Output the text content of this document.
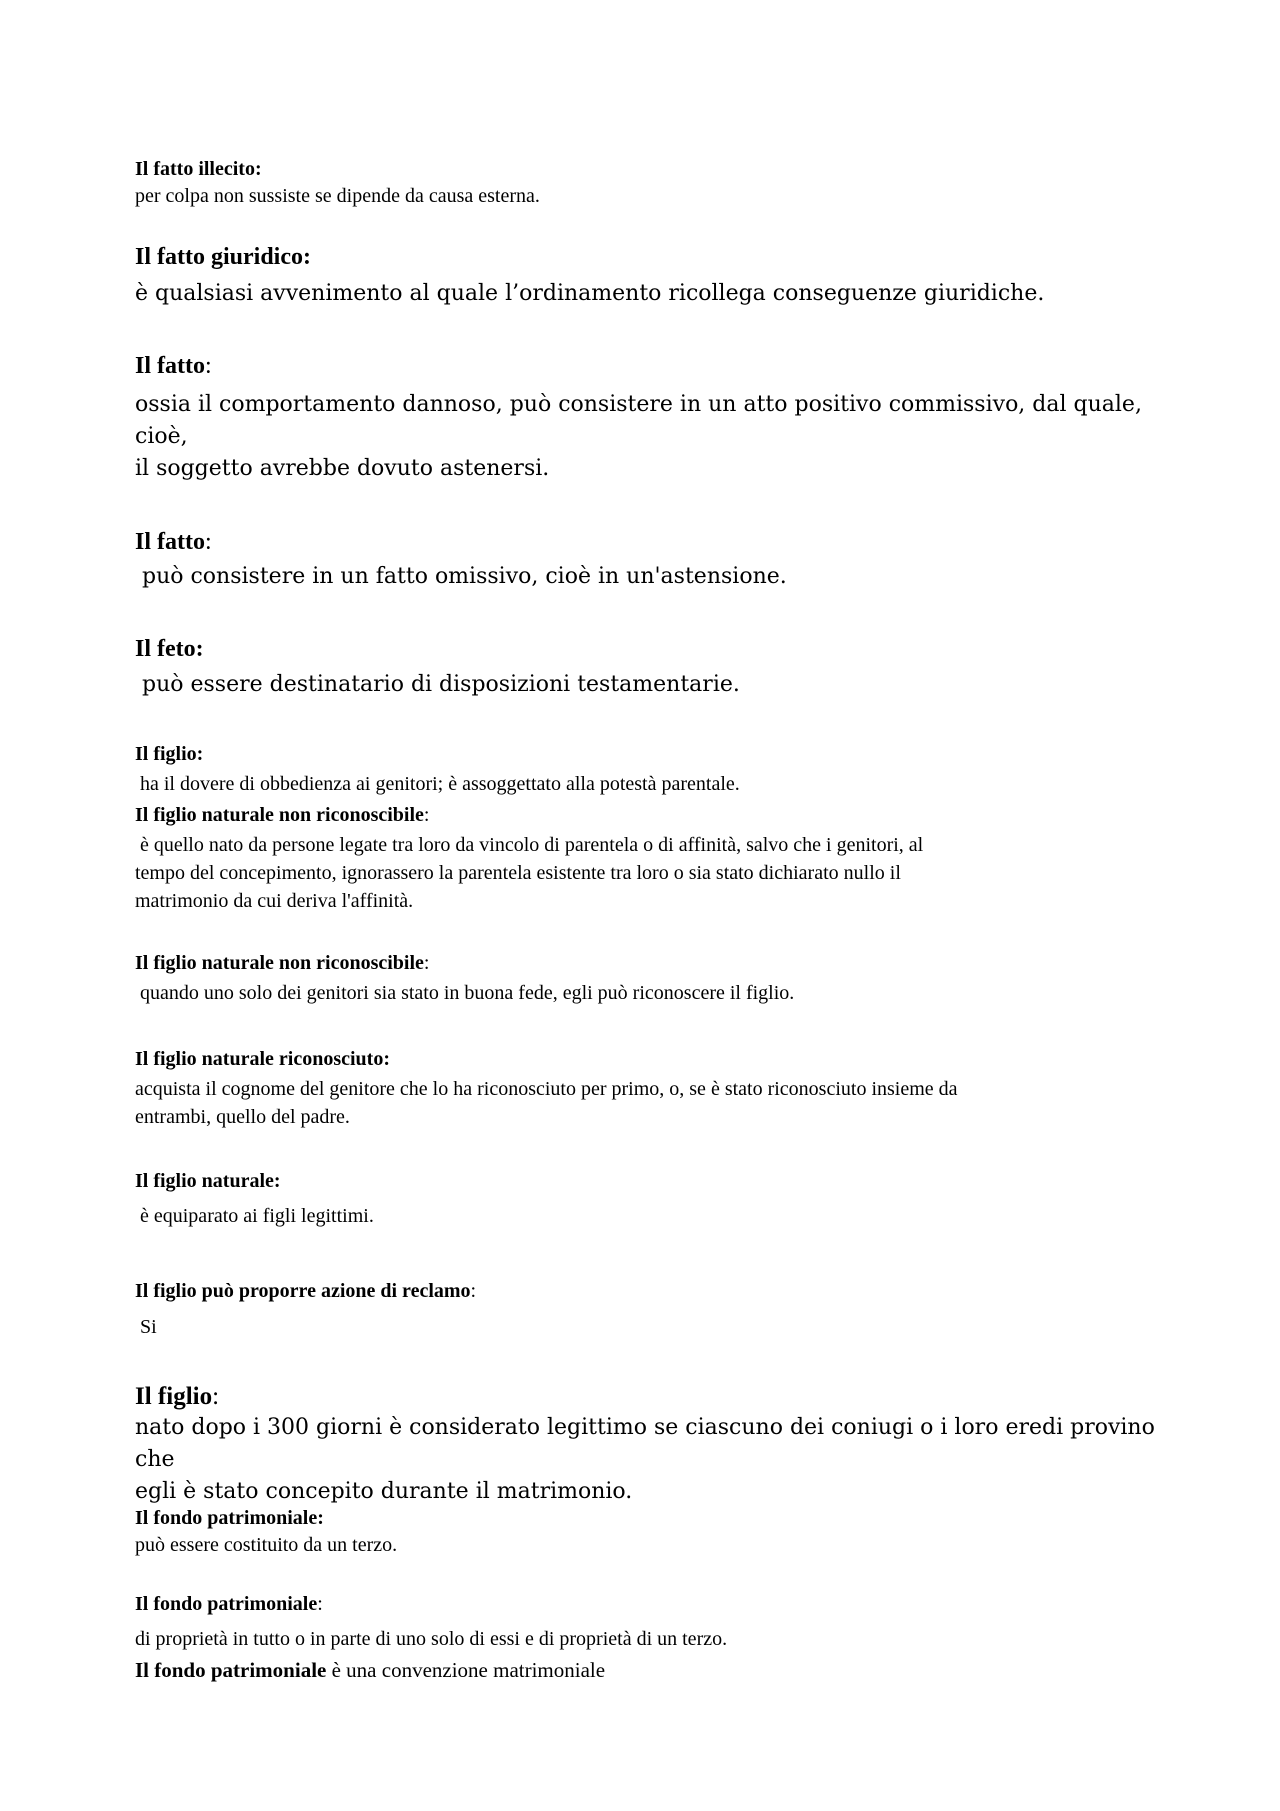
Il fatto illecito:

per colpa non sussiste se dipende da causa esterna.

Il fatto giuridico:

è qualsiasi avvenimento al quale l’ordinamento ricollega conseguenze giuridiche.

Il fatto:

ossia il comportamento dannoso, può consistere in un atto positivo commissivo, dal quale, cioè,
il soggetto avrebbe dovuto astenersi.

Il fatto:

può consistere in un fatto omissivo, cioè in un'astensione.

Il feto:

può essere destinatario di disposizioni testamentarie.

Il figlio:

ha il dovere di obbedienza ai genitori; è assoggettato alla potestà parentale.

Il figlio naturale non riconoscibile:

è quello nato da persone legate tra loro da vincolo di parentela o di affinità, salvo che i genitori, al
tempo del concepimento, ignorassero la parentela esistente tra loro o sia stato dichiarato nullo il
matrimonio da cui deriva l'affinità.

Il figlio naturale non riconoscibile:

quando uno solo dei genitori sia stato in buona fede, egli può riconoscere il figlio.

Il figlio naturale riconosciuto:

acquista il cognome del genitore che lo ha riconosciuto per primo, o, se è stato riconosciuto insieme da
entrambi, quello del padre.

Il figlio naturale:

è equiparato ai figli legittimi.

Il figlio può proporre azione di reclamo:

Si

Il figlio:

nato dopo i 300 giorni è considerato legittimo se ciascuno dei coniugi o i loro eredi provino che
egli è stato concepito durante il matrimonio.

Il fondo patrimoniale:

può essere costituito da un terzo.

Il fondo patrimoniale:

di proprietà in tutto o in parte di uno solo di essi e di proprietà di un terzo.

Il fondo patrimoniale è una convenzione matrimoniale
